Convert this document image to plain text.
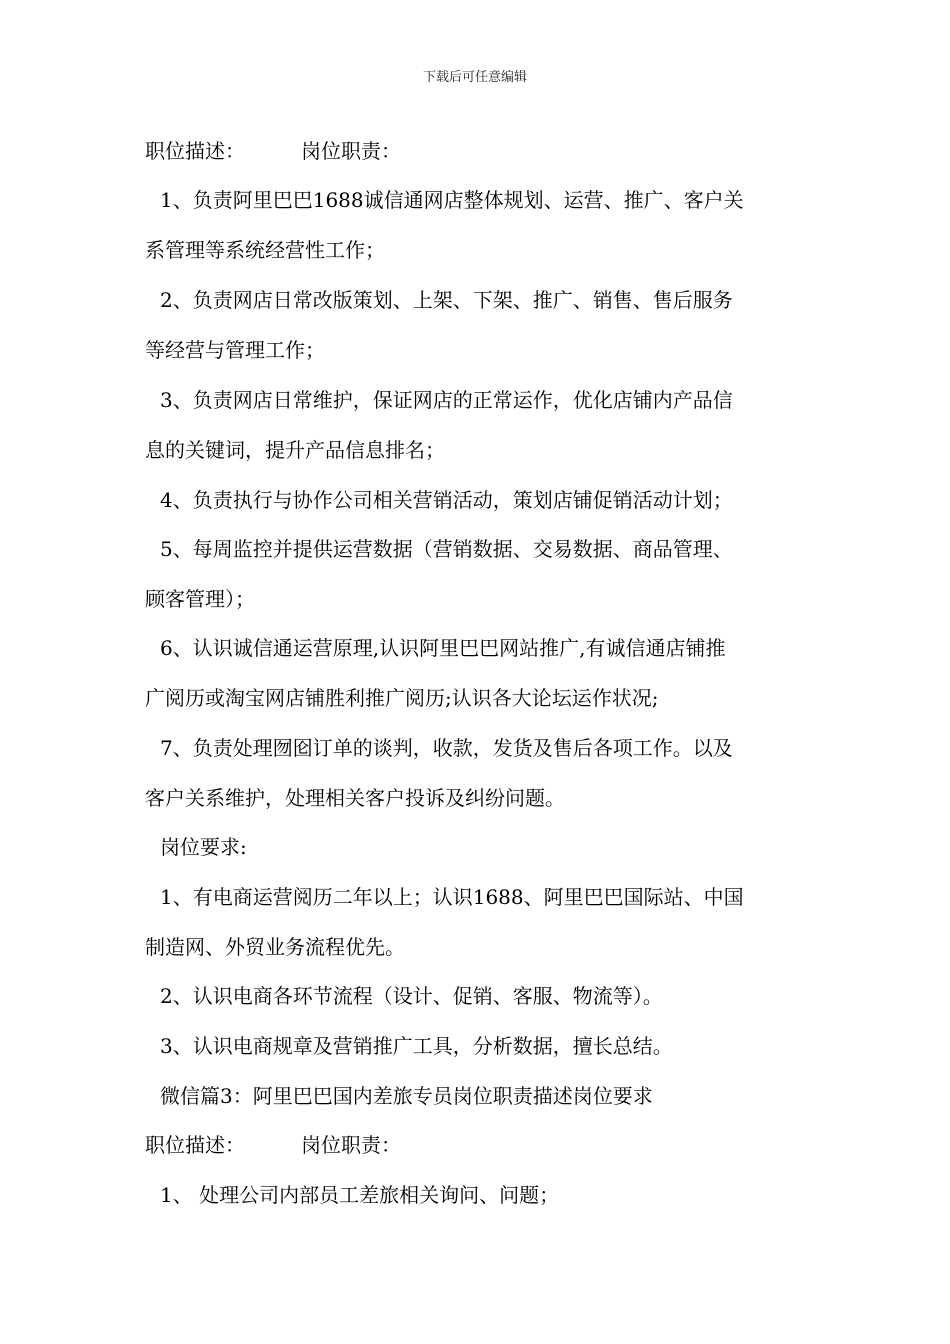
下载后可任意编辑
职位描述：	岗位职责：
1、负责阿里巴巴1688诚信通网店整体规划、运营、推广、客户关
系管理等系统经营性工作；
2、负责网店日常改版策划、上架、下架、推广、销售、售后服务
等经营与管理工作；
3、负责网店日常维护，保证网店的正常运作，优化店铺内产品信
息的关键词，提升产品信息排名；
4、负责执行与协作公司相关营销活动，策划店铺促销活动计划；
5、每周监控并提供运营数据（营销数据、交易数据、商品管理、
顾客管理）；
6、认识诚信通运营原理,认识阿里巴巴网站推广,有诚信通店铺推
广阅历或淘宝网店铺胜利推广阅历;认识各大论坛运作状况;
7、负责处理囫囵订单的谈判，收款，发货及售后各项工作。以及
客户关系维护，处理相关客户投诉及纠纷问题。
岗位要求:
1、有电商运营阅历二年以上；认识1688、阿里巴巴国际站、中国
制造网、外贸业务流程优先。
2、认识电商各环节流程（设计、促销、客服、物流等）。
3、认识电商规章及营销推广工具，分析数据，擅长总结。
微信篇3：阿里巴巴国内差旅专员岗位职责描述岗位要求
职位描述：	岗位职责：
1、 处理公司内部员工差旅相关询问、问题；
